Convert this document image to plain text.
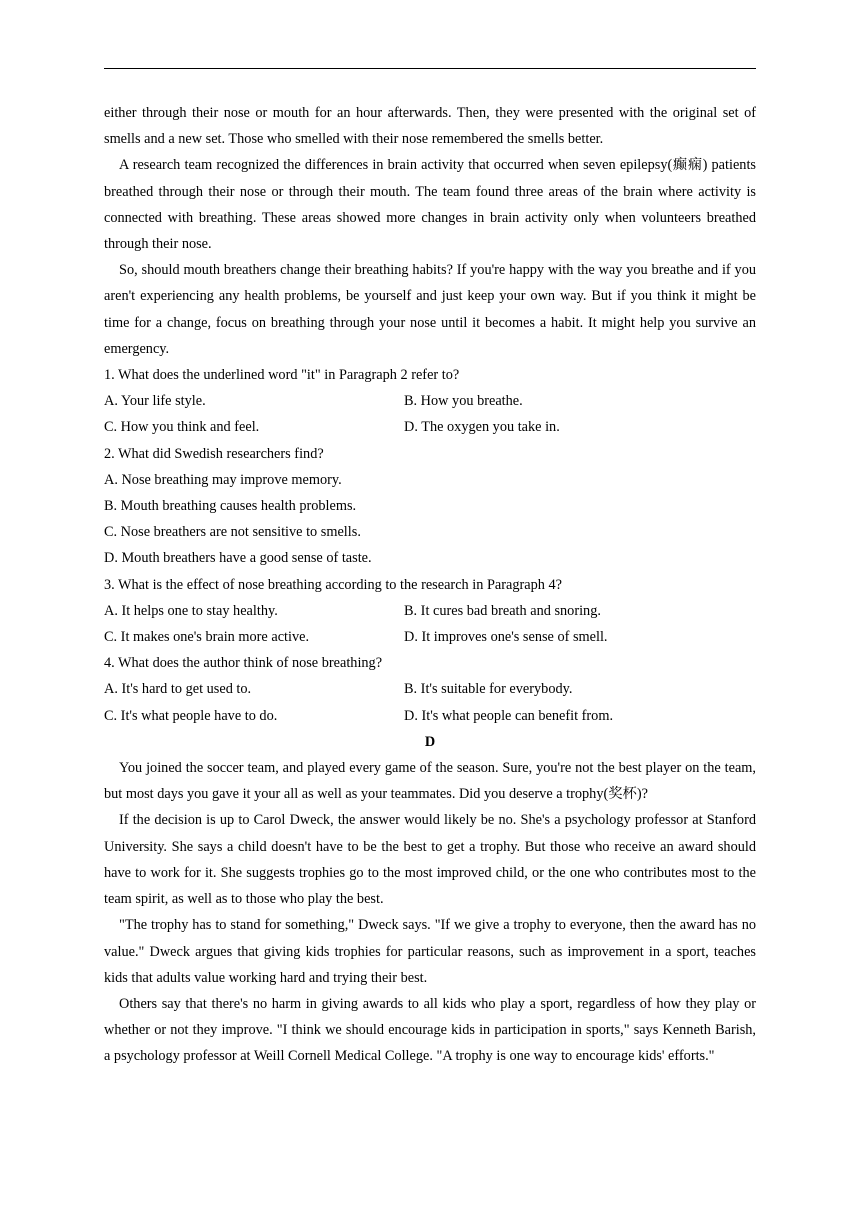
either through their nose or mouth for an hour afterwards. Then, they were presented with the original set of smells and a new set. Those who smelled with their nose remembered the smells better.

A research team recognized the differences in brain activity that occurred when seven epilepsy(癫痫) patients breathed through their nose or through their mouth. The team found three areas of the brain where activity is connected with breathing. These areas showed more changes in brain activity only when volunteers breathed through their nose.

So, should mouth breathers change their breathing habits? If you're happy with the way you breathe and if you aren't experiencing any health problems, be yourself and just keep your own way. But if you think it might be time for a change, focus on breathing through your nose until it becomes a habit. It might help you survive an emergency.

1. What does the underlined word "it" in Paragraph 2 refer to?

A. Your life style.	B. How you breathe.

C. How you think and feel.	D. The oxygen you take in.

2. What did Swedish researchers find?

A. Nose breathing may improve memory.

B. Mouth breathing causes health problems.

C. Nose breathers are not sensitive to smells.

D. Mouth breathers have a good sense of taste.

3. What is the effect of nose breathing according to the research in Paragraph 4?

A. It helps one to stay healthy.	B. It cures bad breath and snoring.

C. It makes one's brain more active.	D. It improves one's sense of smell.

4. What does the author think of nose breathing?

A. It's hard to get used to.	B. It's suitable for everybody.

C. It's what people have to do.	D. It's what people can benefit from.

D

You joined the soccer team, and played every game of the season. Sure, you're not the best player on the team, but most days you gave it your all as well as your teammates. Did you deserve a trophy(奖杯)?

If the decision is up to Carol Dweck, the answer would likely be no. She's a psychology professor at Stanford University. She says a child doesn't have to be the best to get a trophy. But those who receive an award should have to work for it. She suggests trophies go to the most improved child, or the one who contributes most to the team spirit, as well as to those who play the best.

"The trophy has to stand for something," Dweck says. "If we give a trophy to everyone, then the award has no value." Dweck argues that giving kids trophies for particular reasons, such as improvement in a sport, teaches kids that adults value working hard and trying their best.

Others say that there's no harm in giving awards to all kids who play a sport, regardless of how they play or whether or not they improve. "I think we should encourage kids in participation in sports," says Kenneth Barish, a psychology professor at Weill Cornell Medical College. "A trophy is one way to encourage kids' efforts."
